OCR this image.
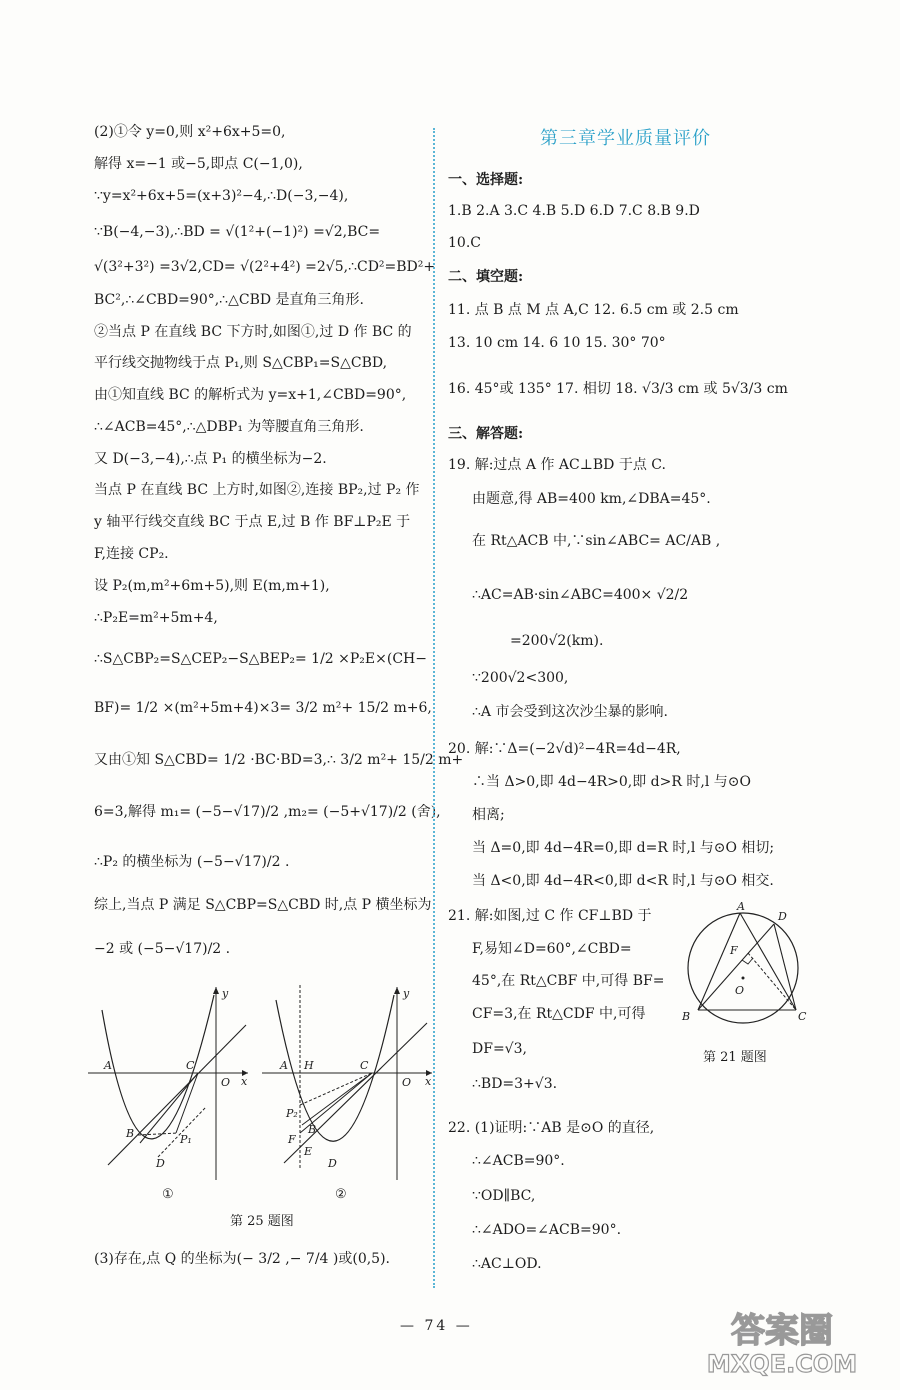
(2)①令 y=0,则 x²+6x+5=0,
解得 x=−1 或−5,即点 C(−1,0),
∵y=x²+6x+5=(x+3)²−4,∴D(−3,−4),
∵B(−4,−3),∴BD = √(1²+(−1)²) =√2,BC=
√(3²+3²) =3√2,CD= √(2²+4²) =2√5,∴CD²=BD²+
BC²,∴∠CBD=90°,∴△CBD 是直角三角形.
②当点 P 在直线 BC 下方时,如图①,过 D 作 BC 的
平行线交抛物线于点 P₁,则 S△CBP₁=S△CBD,
由①知直线 BC 的解析式为 y=x+1,∠CBD=90°,
∴∠ACB=45°,∴△DBP₁ 为等腰直角三角形.
又 D(−3,−4),∴点 P₁ 的横坐标为−2.
当点 P 在直线 BC 上方时,如图②,连接 BP₂,过 P₂ 作
y 轴平行线交直线 BC 于点 E,过 B 作 BF⊥P₂E 于
F,连接 CP₂.
设 P₂(m,m²+6m+5),则 E(m,m+1),
∴P₂E=m²+5m+4,
∴S△CBP₂=S△CEP₂−S△BEP₂= 1/2 ×P₂E×(CH−
BF)= 1/2 ×(m²+5m+4)×3= 3/2 m²+ 15/2 m+6,
又由①知 S△CBD= 1/2 ·BC·BD=3,∴ 3/2 m²+ 15/2 m+
6=3,解得 m₁= (−5−√17)/2 ,m₂= (−5+√17)/2 (舍),
∴P₂ 的横坐标为 (−5−√17)/2 .
综上,当点 P 满足 S△CBP=S△CBD 时,点 P 横坐标为
−2 或 (−5−√17)/2 .
A	C
O x
y
B
D
P₁
A H	C
O x
y
P₂
B
F
E
D
①	②
第 25 题图
(3)存在,点 Q 的坐标为(− 3/2 ,− 7/4 )或(0,5).
第三章学业质量评价
一、选择题:
1.B 2.A 3.C 4.B 5.D 6.D 7.C 8.B 9.D
10.C
二、填空题:
11. 点 B 点 M 点 A,C 12. 6.5 cm 或 2.5 cm
13. 10 cm 14. 6 10 15. 30° 70°
16. 45°或 135° 17. 相切 18. √3/3 cm 或 5√3/3 cm
三、解答题:
19. 解:过点 A 作 AC⊥BD 于点 C.
由题意,得 AB=400 km,∠DBA=45°.
在 Rt△ACB 中,∵sin∠ABC= AC/AB ,
∴AC=AB·sin∠ABC=400× √2/2
=200√2(km).
∵200√2<300,
∴A 市会受到这次沙尘暴的影响.
20. 解:∵Δ=(−2√d)²−4R=4d−4R,
∴当 Δ>0,即 4d−4R>0,即 d>R 时,l 与⊙O
相离;
当 Δ=0,即 4d−4R=0,即 d=R 时,l 与⊙O 相切;
当 Δ<0,即 4d−4R<0,即 d<R 时,l 与⊙O 相交.
21. 解:如图,过 C 作 CF⊥BD 于
F,易知∠D=60°,∠CBD=
45°,在 Rt△CBF 中,可得 BF=
CF=3,在 Rt△CDF 中,可得
DF=√3,
∴BD=3+√3.
A
D
F
O
B	C
第 21 题图
22. (1)证明:∵AB 是⊙O 的直径,
∴∠ACB=90°.
∵OD∥BC,
∴∠ADO=∠ACB=90°.
∴AC⊥OD.
— 74 —	答案圈
MXQE.COM
